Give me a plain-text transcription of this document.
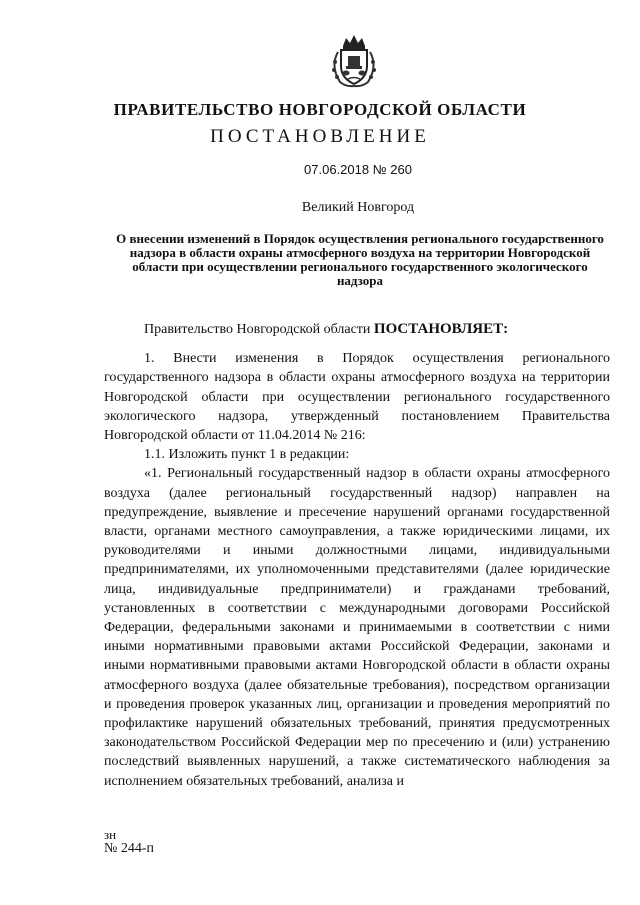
ПРАВИТЕЛЬСТВО НОВГОРОДСКОЙ ОБЛАСТИ
ПОСТАНОВЛЕНИЕ
07.06.2018 № 260
Великий Новгород
О внесении изменений в Порядок осуществления регионального государственного надзора в области охраны атмосферного воздуха на территории Новгородской области при осуществлении регионального государственного экологического надзора

Правительство Новгородской области ПОСТАНОВЛЯЕТ:

1. Внести изменения в Порядок осуществления регионального государственного надзора в области охраны атмосферного воздуха на территории Новгородской области при осуществлении регионального государственного экологического надзора, утвержденный постановлением Правительства Новгородской области от 11.04.2014 № 216:

1.1. Изложить пункт 1 в редакции:

«1. Региональный государственный надзор в области охраны атмосферного воздуха (далее региональный государственный надзор) направлен на предупреждение, выявление и пресечение нарушений органами государственной власти, органами местного самоуправления, а также юридическими лицами, их руководителями и иными должностными лицами, индивидуальными предпринимателями, их уполномоченными представителями (далее юридические лица, индивидуальные предприниматели) и гражданами требований, установленных в соответствии с международными договорами Российской Федерации, федеральными законами и принимаемыми в соответствии с ними иными нормативными правовыми актами Российской Федерации, законами и иными нормативными правовыми актами Новгородской области в области охраны атмосферного воздуха (далее обязательные требования), посредством организации и проведения проверок указанных лиц, организации и проведения мероприятий по профилактике нарушений обязательных требований, принятия предусмотренных законодательством Российской Федерации мер по пресечению и (или) устранению последствий выявленных нарушений, а также систематического наблюдения за исполнением обязательных требований, анализа и

зн
№ 244-п
